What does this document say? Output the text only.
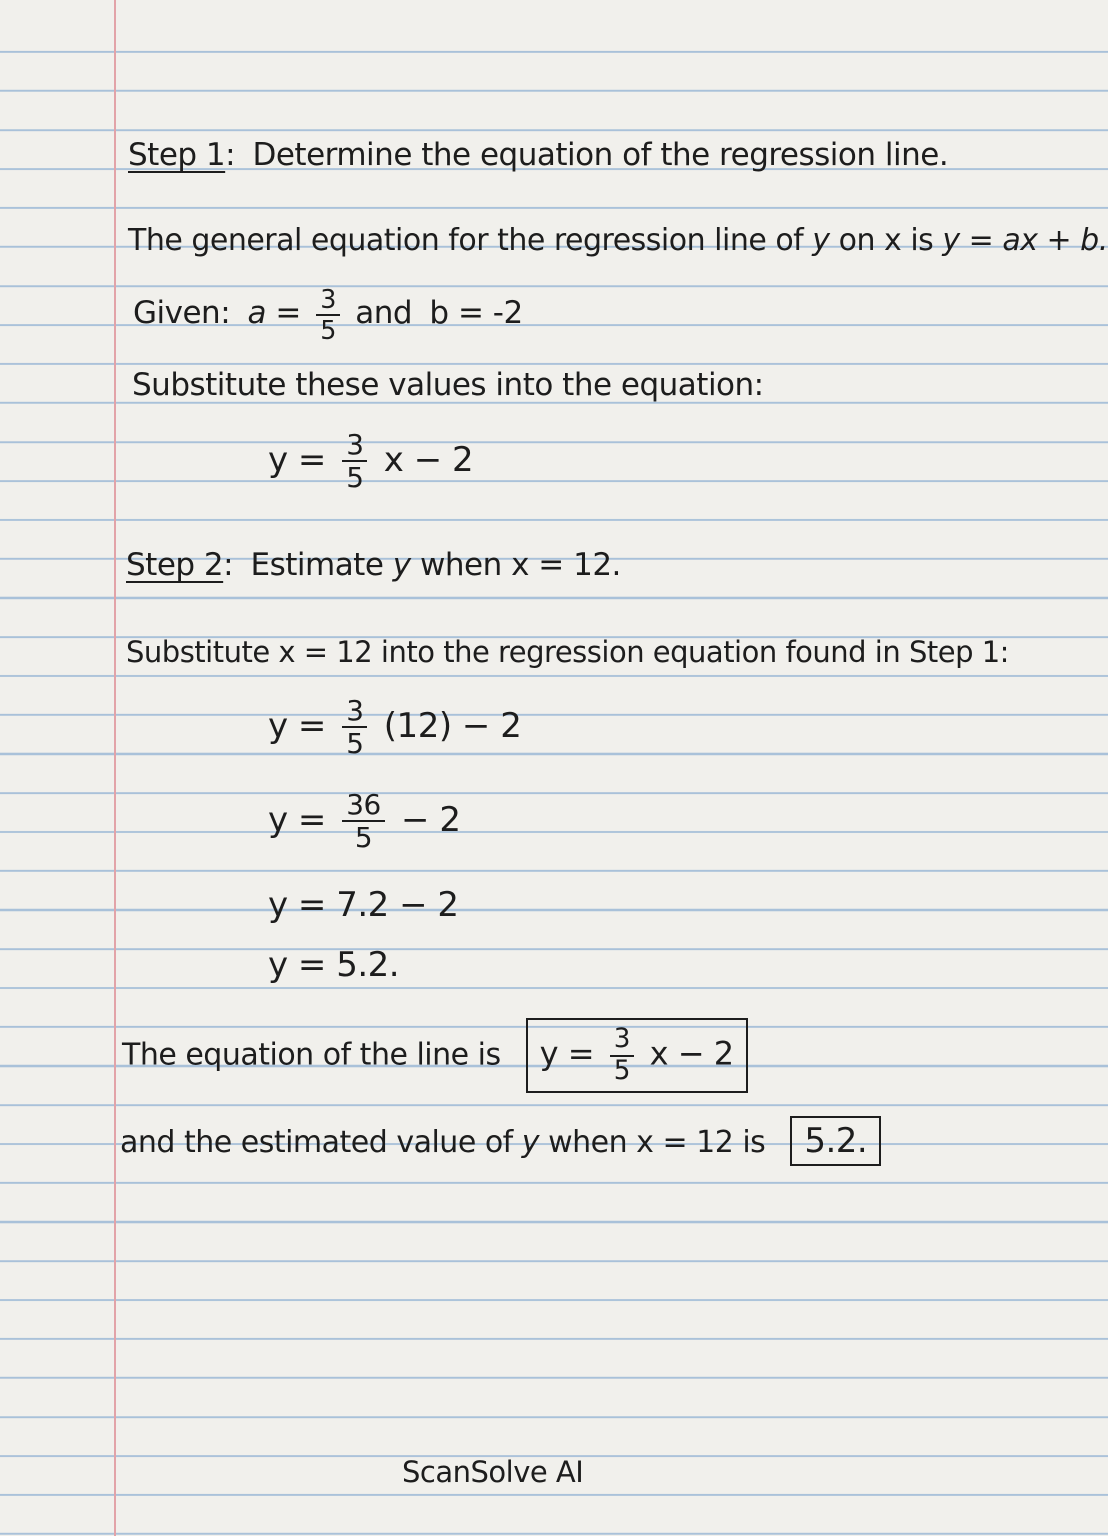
Step 1: Determine the equation of the regression line.
The general equation for the regression line of y on x is y = ax + b.
Given: $a = \frac{3}{5}$ and b = -2
Substitute these values into the equation:
$y = \frac{3}{5}$ x − 2
Step 2: Estimate y when x = 12.
Substitute x = 12 into the regression equation found in Step 1:
$y = \frac{3}{5} (12) - 2$
$y = \frac{36}{5} - 2$
y = 7.2 − 2
y = 5.2.
The equation of the line is $y = \frac{3}{5}$ x − 2
and the estimated value of y when x = 12 is 5.2.
ScanSolve AI
